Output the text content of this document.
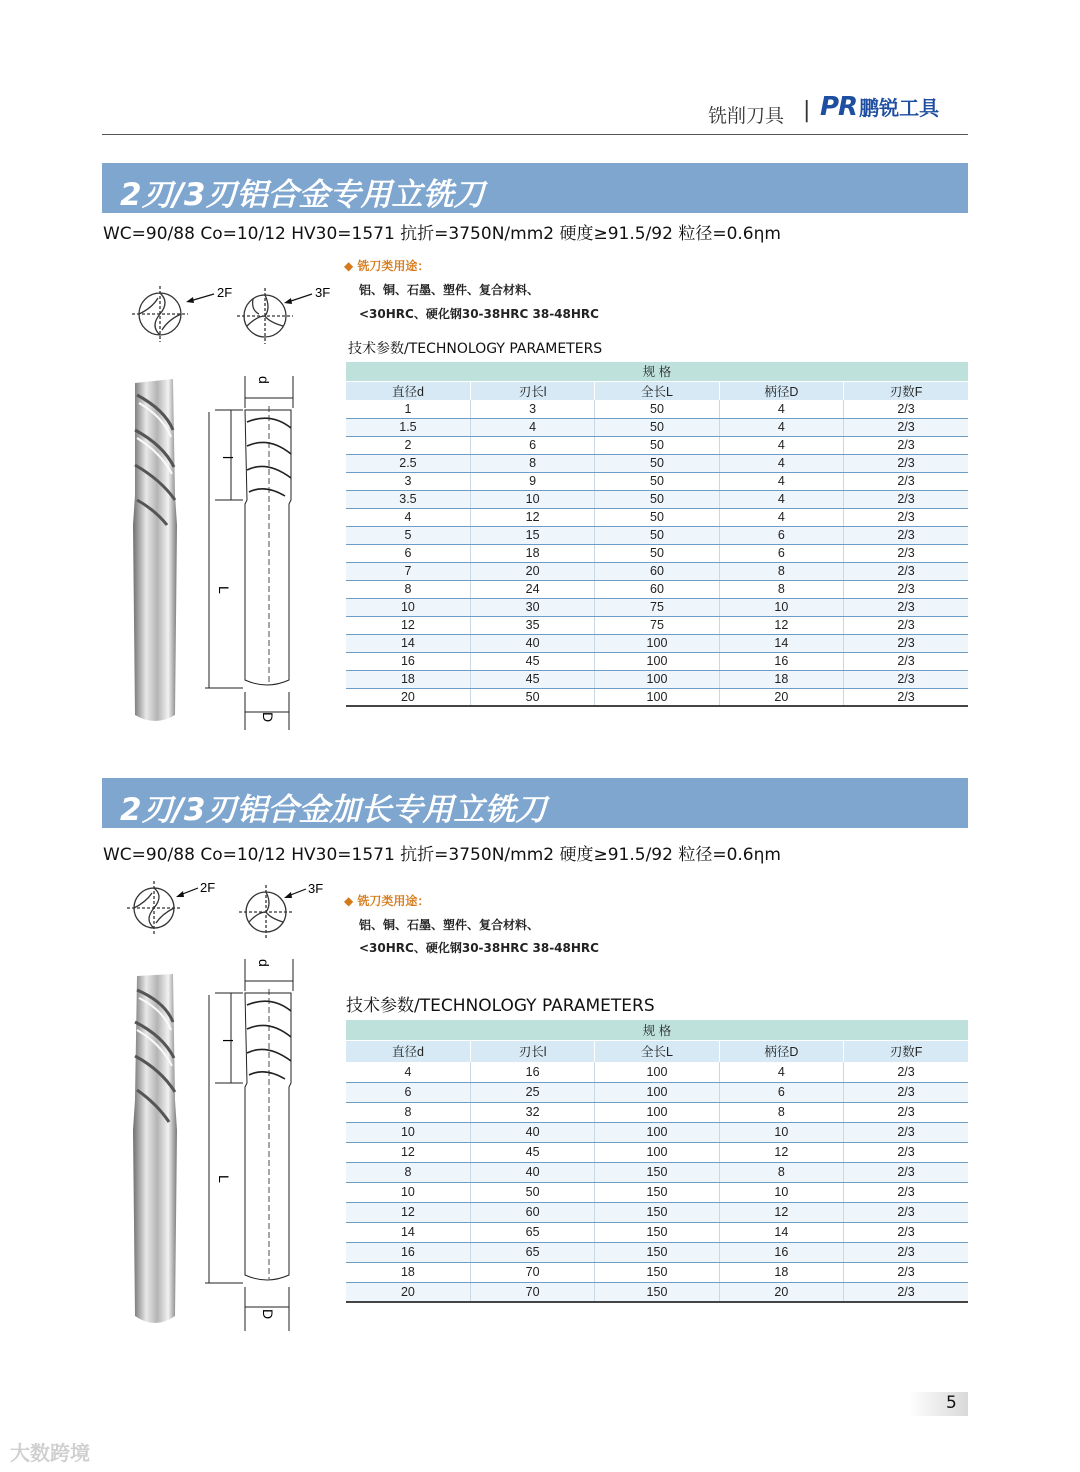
铣削刀具 | PR 鹏锐工具
2刃/3刃铝合金专用立铣刀
WC=90/88 Co=10/12 HV30=1571 抗折=3750N/mm2 硬度≥91.5/92 粒径=0.6ηm
2F	3F
◆ 铣刀类用途：
铝、铜、石墨、塑件、复合材料、
<30HRC、硬化钢30-38HRC 38-48HRC
技术参数/TECHNOLOGY PARAMETERS
d
l
L
D
规 格				
直径d	刃长l	全长L	柄径D	刃数F
1	3	50	4	2/3
1.5	4	50	4	2/3
2	6	50	4	2/3
2.5	8	50	4	2/3
3	9	50	4	2/3
3.5	10	50	4	2/3
4	12	50	4	2/3
5	15	50	6	2/3
6	18	50	6	2/3
7	20	60	8	2/3
8	24	60	8	2/3
10	30	75	10	2/3
12	35	75	12	2/3
14	40	100	14	2/3
16	45	100	16	2/3
18	45	100	18	2/3
20	50	100	20	2/3
2刃/3刃铝合金加长专用立铣刀
WC=90/88 Co=10/12 HV30=1571 抗折=3750N/mm2 硬度≥91.5/92 粒径=0.6ηm
2F	3F
◆ 铣刀类用途：
铝、铜、石墨、塑件、复合材料、
<30HRC、硬化钢30-38HRC 38-48HRC
技术参数/TECHNOLOGY PARAMETERS
d
l
L
D
规 格				
直径d	刃长l	全长L	柄径D	刃数F
4	16	100	4	2/3
6	25	100	6	2/3
8	32	100	8	2/3
10	40	100	10	2/3
12	45	100	12	2/3
8	40	150	8	2/3
10	50	150	10	2/3
12	60	150	12	2/3
14	65	150	14	2/3
16	65	150	16	2/3
18	70	150	18	2/3
20	70	150	20	2/3
5
大数跨境
